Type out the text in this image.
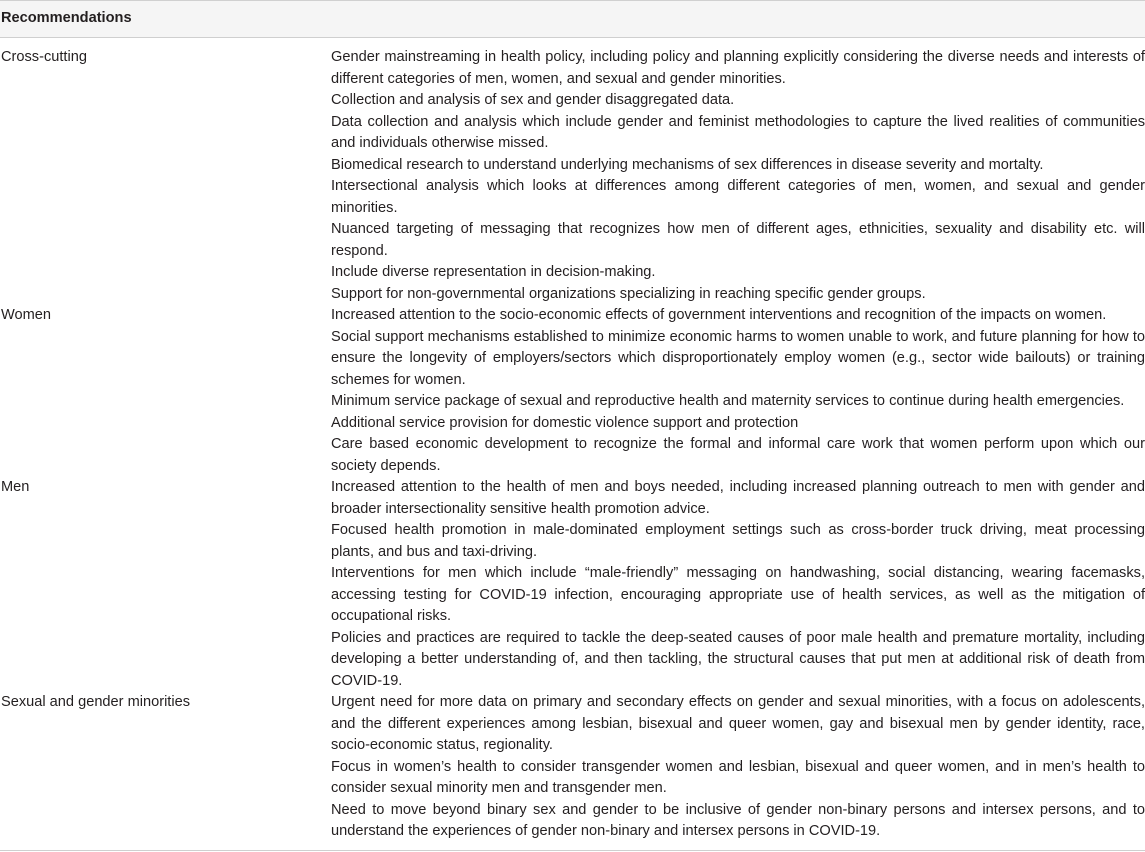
Recommendations
Cross-cutting	Gender mainstreaming in health policy, including policy and planning explicitly considering the diverse needs and interests of different categories of men, women, and sexual and gender minorities.
Collection and analysis of sex and gender disaggregated data.
Data collection and analysis which include gender and feminist methodologies to capture the lived realities of communities and individuals otherwise missed.
Biomedical research to understand underlying mechanisms of sex differences in disease severity and mortalty.
Intersectional analysis which looks at differences among different categories of men, women, and sexual and gender minorities.
Nuanced targeting of messaging that recognizes how men of different ages, ethnicities, sexuality and disability etc. will respond.
Include diverse representation in decision-making.
Support for non-governmental organizations specializing in reaching specific gender groups.
Women	Increased attention to the socio-economic effects of government interventions and recognition of the impacts on women.
Social support mechanisms established to minimize economic harms to women unable to work, and future planning for how to ensure the longevity of employers/sectors which disproportionately employ women (e.g., sector wide bailouts) or training schemes for women.
Minimum service package of sexual and reproductive health and maternity services to continue during health emergencies.
Additional service provision for domestic violence support and protection
Care based economic development to recognize the formal and informal care work that women perform upon which our society depends.
Men	Increased attention to the health of men and boys needed, including increased planning outreach to men with gender and broader intersectionality sensitive health promotion advice.
Focused health promotion in male-dominated employment settings such as cross-border truck driving, meat processing plants, and bus and taxi-driving.
Interventions for men which include “male-friendly” messaging on handwashing, social distancing, wearing facemasks, accessing testing for COVID-19 infection, encouraging appropriate use of health services, as well as the mitigation of occupational risks.
Policies and practices are required to tackle the deep-seated causes of poor male health and premature mortality, including developing a better understanding of, and then tackling, the structural causes that put men at additional risk of death from COVID-19.
Sexual and gender minorities	Urgent need for more data on primary and secondary effects on gender and sexual minorities, with a focus on adolescents, and the different experiences among lesbian, bisexual and queer women, gay and bisexual men by gender identity, race, socio-economic status, regionality.
Focus in women’s health to consider transgender women and lesbian, bisexual and queer women, and in men’s health to consider sexual minority men and transgender men.
Need to move beyond binary sex and gender to be inclusive of gender non-binary persons and intersex persons, and to understand the experiences of gender non-binary and intersex persons in COVID-19.
